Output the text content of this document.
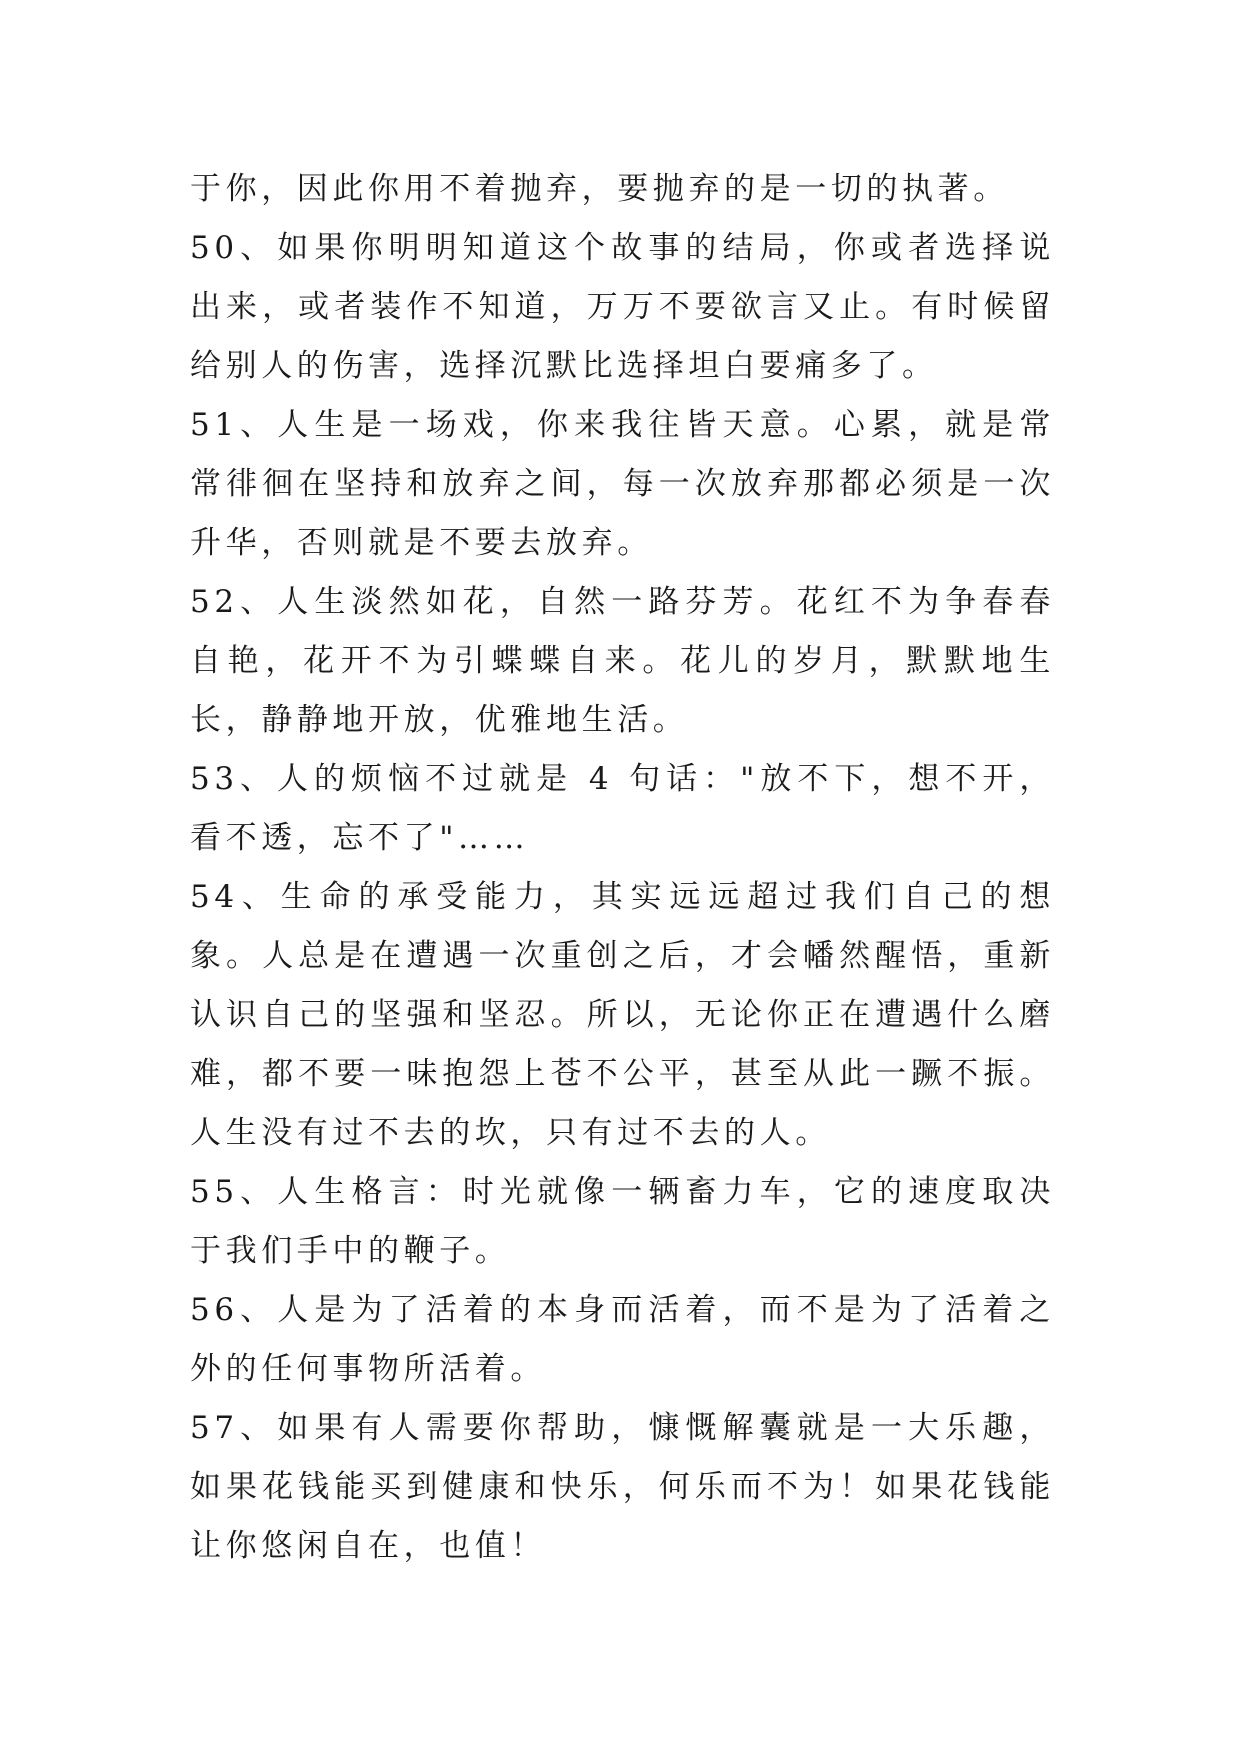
于你，因此你用不着抛弃，要抛弃的是一切的执著。

50、如果你明明知道这个故事的结局，你或者选择说出来，或者装作不知道，万万不要欲言又止。有时候留给别人的伤害，选择沉默比选择坦白要痛多了。

51、人生是一场戏，你来我往皆天意。心累，就是常常徘徊在坚持和放弃之间，每一次放弃那都必须是一次升华，否则就是不要去放弃。

52、人生淡然如花，自然一路芬芳。花红不为争春春自艳，花开不为引蝶蝶自来。花儿的岁月，默默地生长，静静地开放，优雅地生活。

53、人的烦恼不过就是 4 句话："放不下，想不开，看不透，忘不了"……

54、生命的承受能力，其实远远超过我们自己的想象。人总是在遭遇一次重创之后，才会幡然醒悟，重新认识自己的坚强和坚忍。所以，无论你正在遭遇什么磨难，都不要一味抱怨上苍不公平，甚至从此一蹶不振。人生没有过不去的坎，只有过不去的人。

55、人生格言：时光就像一辆畜力车，它的速度取决于我们手中的鞭子。

56、人是为了活着的本身而活着，而不是为了活着之外的任何事物所活着。

57、如果有人需要你帮助，慷慨解囊就是一大乐趣，如果花钱能买到健康和快乐，何乐而不为！如果花钱能让你悠闲自在，也值！
